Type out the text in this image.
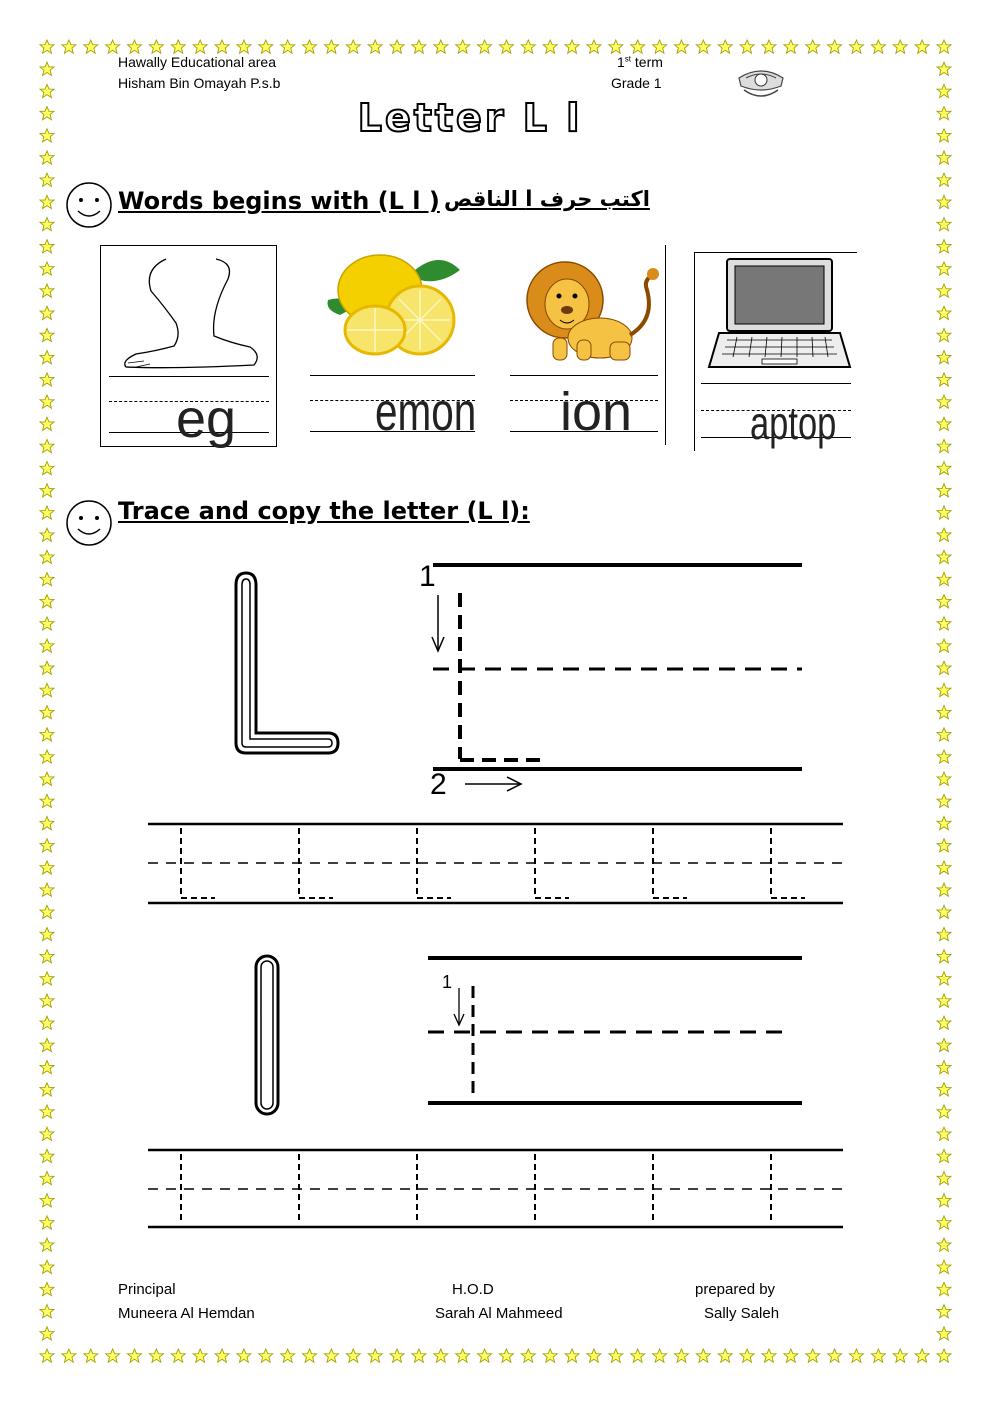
Hawally Educational area
Hisham Bin Omayah P.s.b
1st term
Grade 1
Letter L l
Words begins with (L l ) اكتب حرف l الناقص
eg	emon ion	aptop
Trace and copy the letter (L l):
1
2
1
Principal
Muneera Al Hemdan
H.O.D
Sarah Al Mahmeed
prepared by
Sally Saleh
